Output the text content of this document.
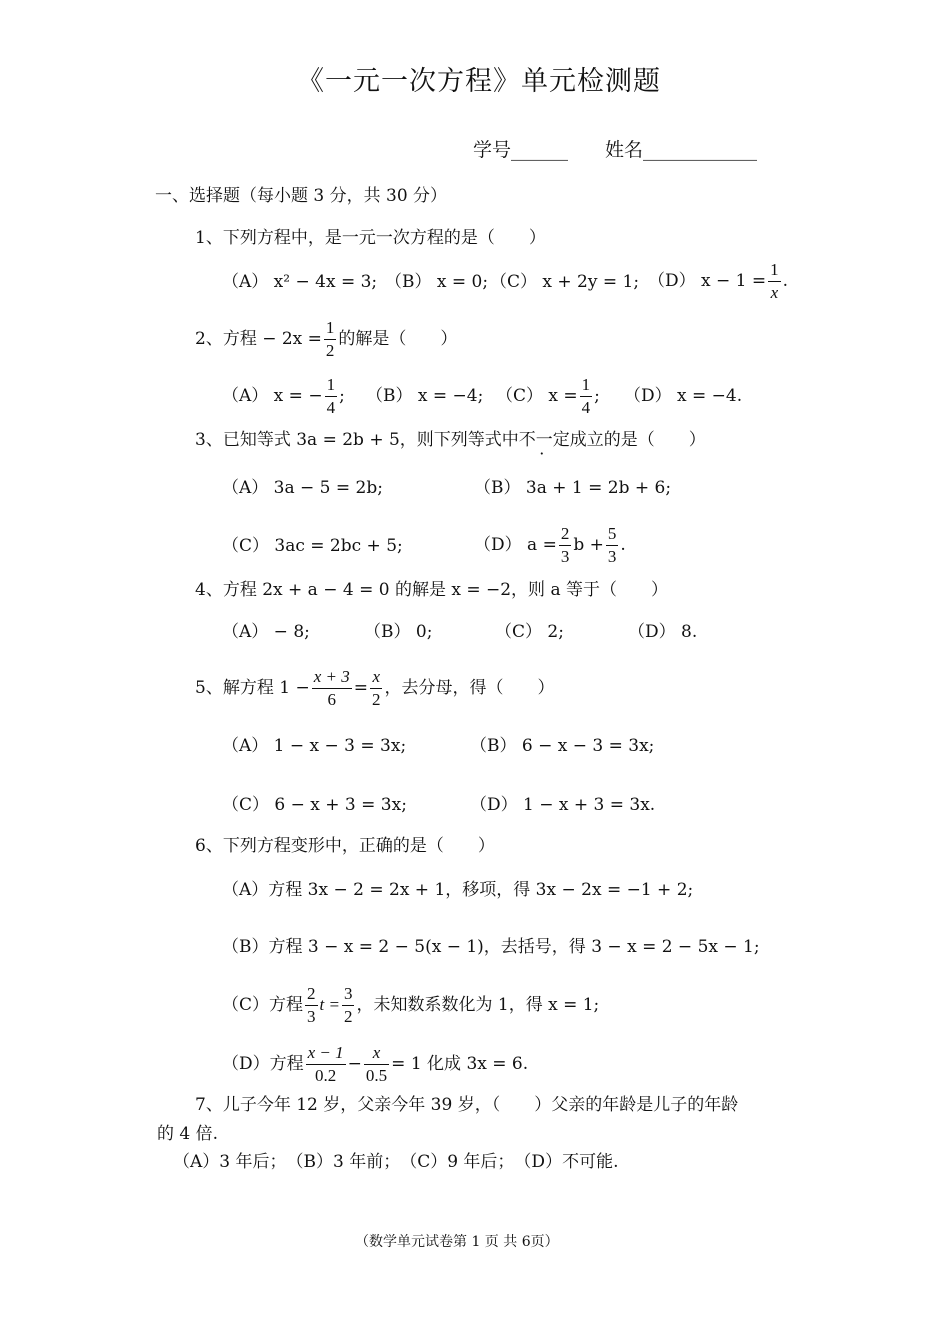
《一元一次方程》单元检测题
学号______ 姓名____________
一、选择题（每小题 3 分，共 30 分）
1、下列方程中，是一元一次方程的是（　　）
（A） x² − 4x = 3; （B） x = 0; （C） x + 2y = 1; （D） $x - 1 = \frac{1}{x}$ .
2、方程 − $2x = \frac{1}{2}$ 的解是（　　）
（A） x = − $\frac{1}{4}$ ; （B） x = −4; （C） $x = \frac{1}{4}$ ; （D） x = −4.
3、已知等式 3a = 2b + 5，则下列等式中不一定成立的是（　　）
（A） 3a − 5 = 2b;	（B） 3a + 1 = 2b + 6;
（C） 3ac = 2bc + 5;	（D） $a = \frac{2}{3}$ $b + \frac{5}{3}$ .
4、方程 2x + a − 4 = 0 的解是 x = −2，则 a 等于（　　）
（A） − 8;	（B） 0;	（C） 2;	（D） 8.
5、解方程 $1 - \frac{x + 3}{6} = \frac{x}{2}$ ，去分母，得（　　）
（A） 1 − x − 3 = 3x;	（B） 6 − x − 3 = 3x;
（C） 6 − x + 3 = 3x;	（D） 1 − x + 3 = 3x.
6、下列方程变形中，正确的是（　　）
（A）方程 3x − 2 = 2x + 1，移项，得 3x − 2x = −1 + 2;
（B）方程 3 − x = 2 − 5(x − 1)，去括号，得 3 − x = 2 − 5x − 1;
（C）方程 $\frac{2}{3}$ $t = \frac{3}{2}$ ，未知数系数化为 1，得 x = 1;
（D）方程 $\frac{x - 1}{0.2} - \frac{x}{0.5} = 1$ 化成 3x = 6.
7、儿子今年 12 岁，父亲今年 39 岁，（　　）父亲的年龄是儿子的年龄
的 4 倍.
（A）3 年后；　（B）3 年前；　（C）9 年后；　（D）不可能.
（数学单元试卷第 1 页 共 6页）
